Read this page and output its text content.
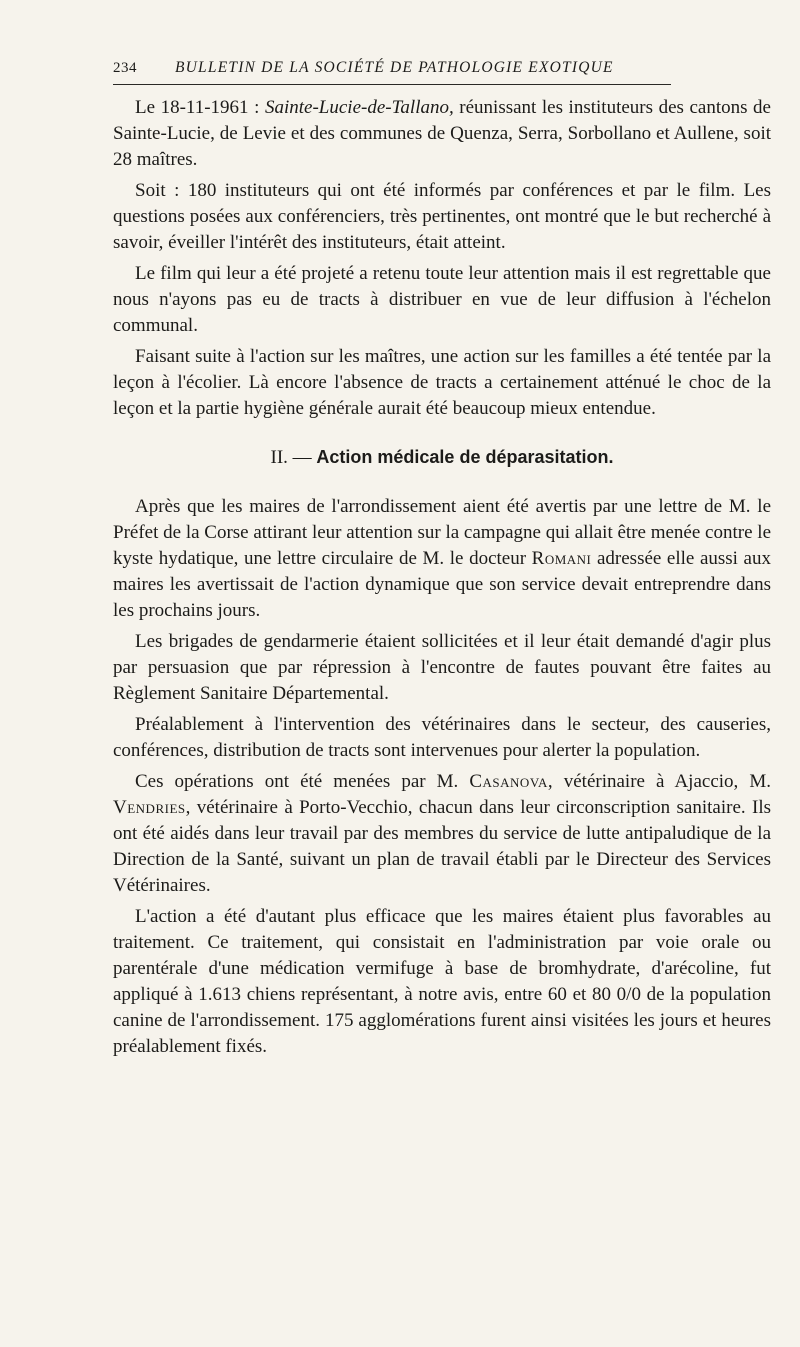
234 BULLETIN DE LA SOCIÉTÉ DE PATHOLOGIE EXOTIQUE

Le 18-11-1961 : Sainte-Lucie-de-Tallano, réunissant les instituteurs des cantons de Sainte-Lucie, de Levie et des communes de Quenza, Serra, Sorbollano et Aullene, soit 28 maîtres.

Soit : 180 instituteurs qui ont été informés par conférences et par le film. Les questions posées aux conférenciers, très pertinentes, ont montré que le but recherché à savoir, éveiller l'intérêt des instituteurs, était atteint.

Le film qui leur a été projeté a retenu toute leur attention mais il est regrettable que nous n'ayons pas eu de tracts à distribuer en vue de leur diffusion à l'échelon communal.

Faisant suite à l'action sur les maîtres, une action sur les familles a été tentée par la leçon à l'écolier. Là encore l'absence de tracts a certainement atténué le choc de la leçon et la partie hygiène générale aurait été beaucoup mieux entendue.

II. — Action médicale de déparasitation.

Après que les maires de l'arrondissement aient été avertis par une lettre de M. le Préfet de la Corse attirant leur attention sur la campagne qui allait être menée contre le kyste hydatique, une lettre circulaire de M. le docteur Romani adressée elle aussi aux maires les avertissait de l'action dynamique que son service devait entreprendre dans les prochains jours.

Les brigades de gendarmerie étaient sollicitées et il leur était demandé d'agir plus par persuasion que par répression à l'encontre de fautes pouvant être faites au Règlement Sanitaire Départemental.

Préalablement à l'intervention des vétérinaires dans le secteur, des causeries, conférences, distribution de tracts sont intervenues pour alerter la population.

Ces opérations ont été menées par M. Casanova, vétérinaire à Ajaccio, M. Vendries, vétérinaire à Porto-Vecchio, chacun dans leur circonscription sanitaire. Ils ont été aidés dans leur travail par des membres du service de lutte antipaludique de la Direction de la Santé, suivant un plan de travail établi par le Directeur des Services Vétérinaires.

L'action a été d'autant plus efficace que les maires étaient plus favorables au traitement. Ce traitement, qui consistait en l'administration par voie orale ou parentérale d'une médication vermifuge à base de bromhydrate, d'arécoline, fut appliqué à 1.613 chiens représentant, à notre avis, entre 60 et 80 0/0 de la population canine de l'arrondissement. 175 agglomérations furent ainsi visitées les jours et heures préalablement fixés.
